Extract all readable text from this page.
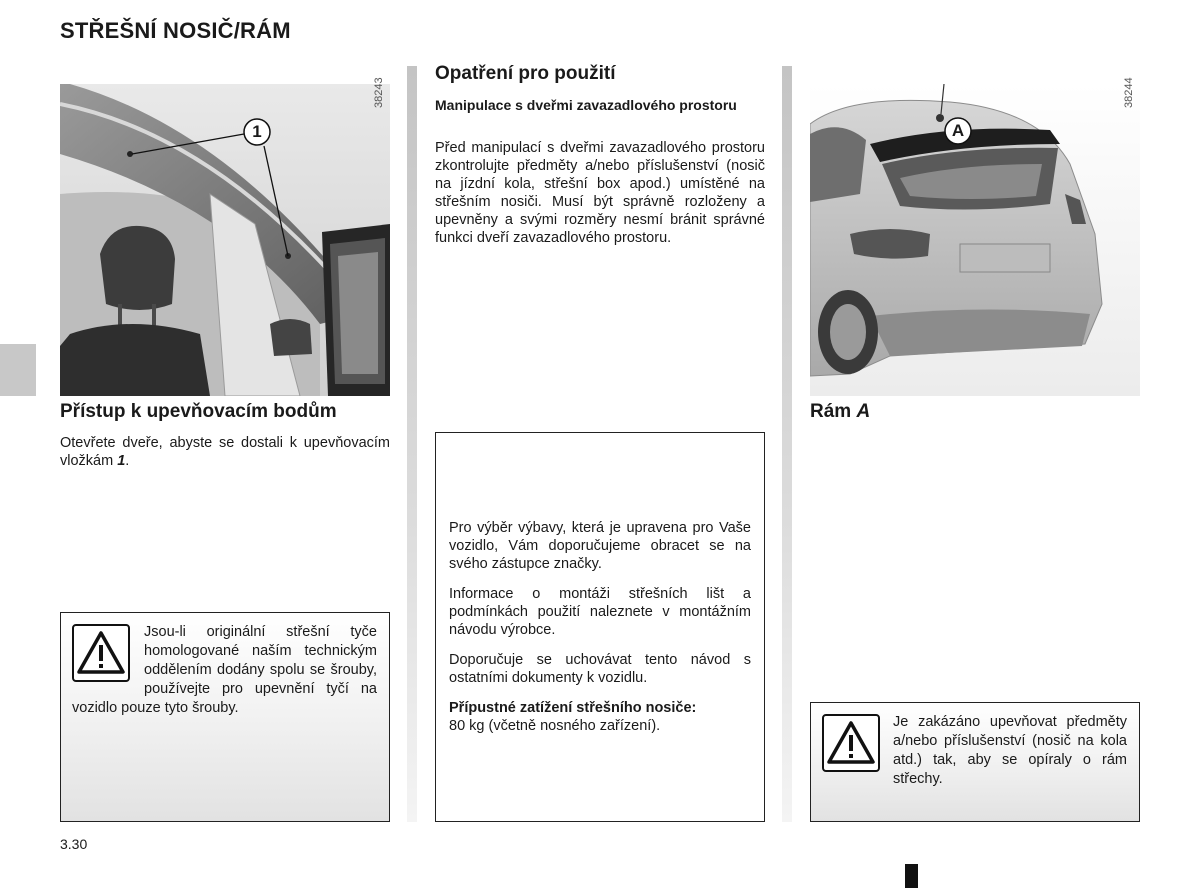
STŘEŠNÍ NOSIČ/RÁM
1
38243
Přístup k upevňovacím bodům

Otevřete dveře, abyste se dostali k upevňovacím vložkám 1.

Jsou-li originální střešní tyče homologované naším technickým oddělením dodány spolu se šrouby, používejte pro upevnění tyčí na vozidlo pouze tyto šrouby.
Opatření pro použití
Manipulace s dveřmi zavazadlového prostoru

Před manipulací s dveřmi zavazadlového prostoru zkontrolujte předměty a/nebo příslušenství (nosič na jízdní kola, střešní box apod.) umístěné na střešním nosiči. Musí být správně rozloženy a upevněny a svými rozměry nesmí bránit správné funkci dveří zavazadlového prostoru.

Pro výběr výbavy, která je upravena pro Vaše vozidlo, Vám doporučujeme obracet se na svého zástupce značky.

Informace o montáži střešních lišt a podmínkách použití naleznete v montážním návodu výrobce.

Doporučuje se uchovávat tento návod s ostatními dokumenty k vozidlu.

Přípustné zatížení střešního nosiče:
80 kg (včetně nosného zařízení).

A
38244
Rám A
Je zakázáno upevňovat předměty a/nebo příslušenství (nosič na kola atd.) tak, aby se opíraly o rám střechy.
3.30
